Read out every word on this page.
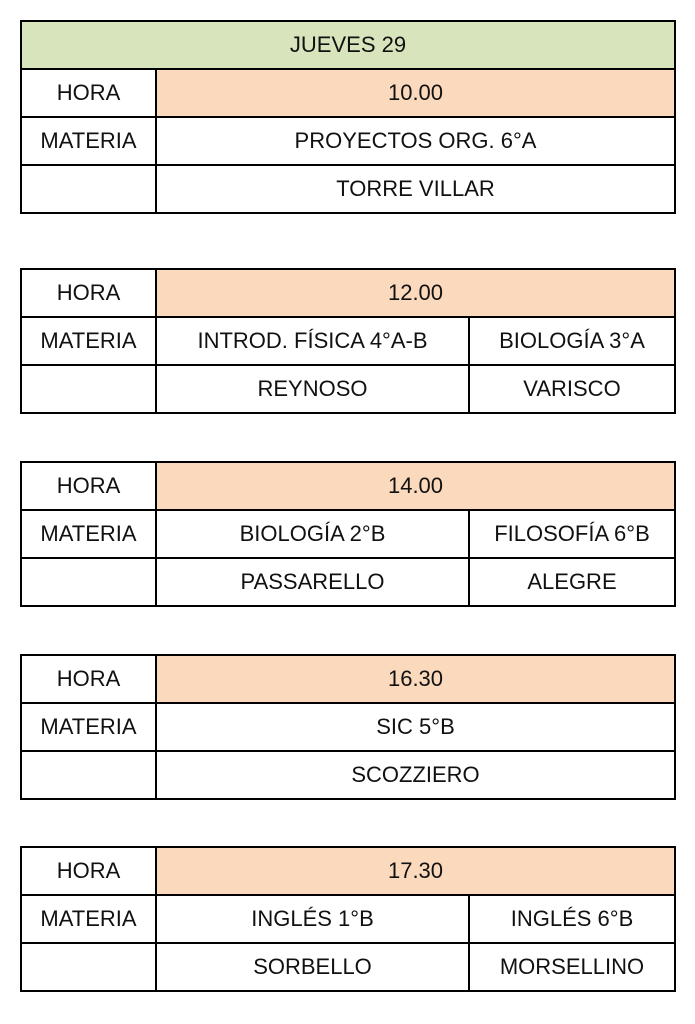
JUEVES 29	
HORA	10.00
MATERIA	PROYECTOS ORG. 6°A
	TORRE VILLAR
HORA	12.00	
MATERIA	INTROD. FÍSICA 4°A-B	BIOLOGÍA 3°A
	REYNOSO	VARISCO
HORA	14.00	
MATERIA	BIOLOGÍA 2°B	FILOSOFÍA 6°B
	PASSARELLO	ALEGRE
HORA	16.30
MATERIA	SIC 5°B
	SCOZZIERO
HORA	17.30	
MATERIA	INGLÉS 1°B	INGLÉS 6°B
	SORBELLO	MORSELLINO
